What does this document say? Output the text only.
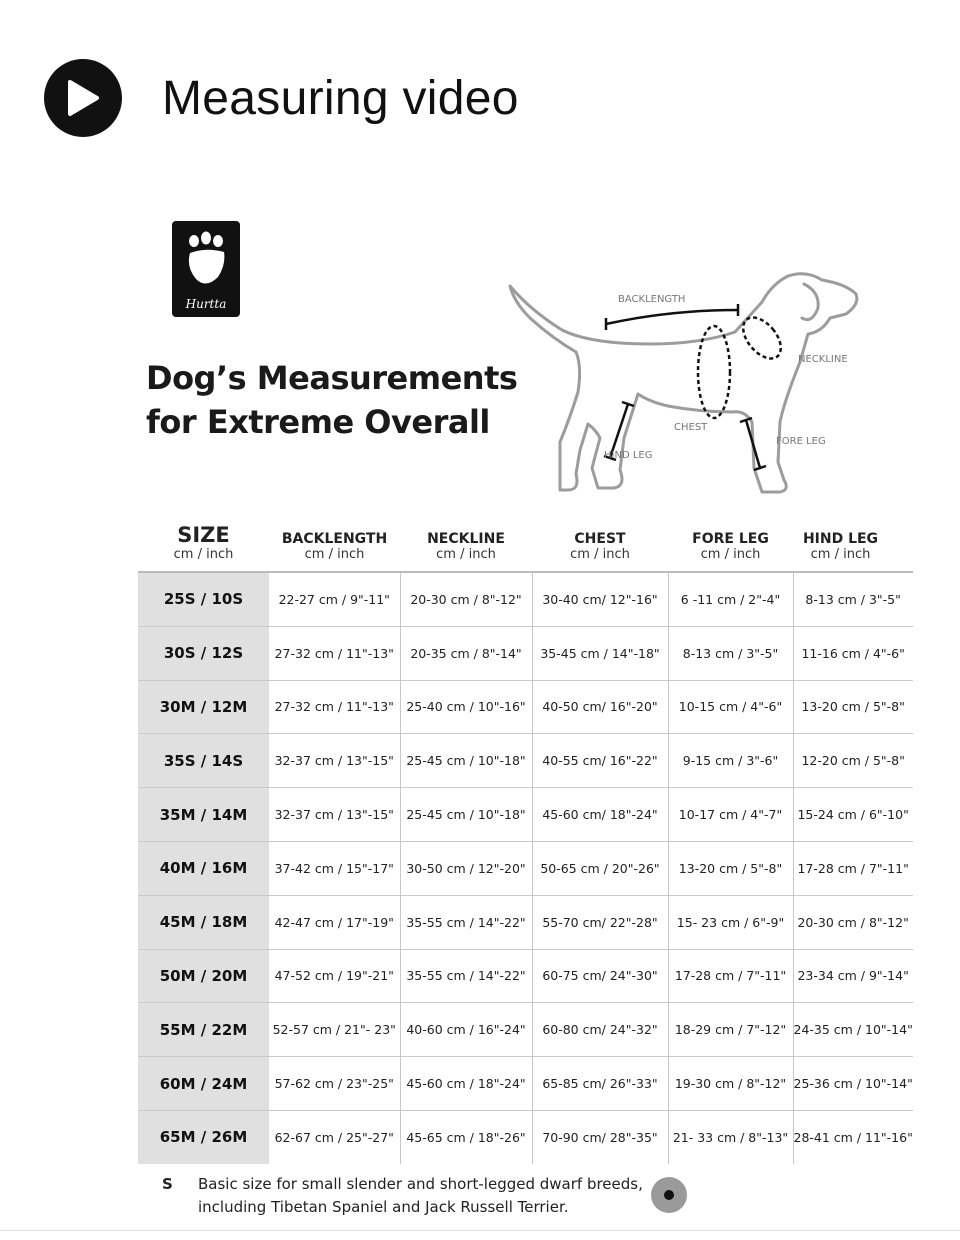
Measuring video
Hurtta
Dog’s Measurements
for Extreme Overall
BACKLENGTH
NECKLINE
CHEST
FORE LEG
HIND LEG
SIZE
cm / inch
BACKLENGTH
cm / inch
NECKLINE
cm / inch
CHEST
cm / inch
FORE LEG
cm / inch
HIND LEG
cm / inch
25S / 10S	22-27 cm / 9"-11"	20-30 cm / 8"-12"	30-40 cm/ 12"-16"	6 -11 cm / 2"-4"	8-13 cm / 3"-5"
30S / 12S	27-32 cm / 11"-13"	20-35 cm / 8"-14"	35-45 cm / 14"-18"	8-13 cm / 3"-5"	11-16 cm / 4"-6"
30M / 12M	27-32 cm / 11"-13"	25-40 cm / 10"-16"	40-50 cm/ 16"-20"	10-15 cm / 4"-6"	13-20 cm / 5"-8"
35S / 14S	32-37 cm / 13"-15"	25-45 cm / 10"-18"	40-55 cm/ 16"-22"	9-15 cm / 3"-6"	12-20 cm / 5"-8"
35M / 14M	32-37 cm / 13"-15"	25-45 cm / 10"-18"	45-60 cm/ 18"-24"	10-17 cm / 4"-7"	15-24 cm / 6"-10"
40M / 16M	37-42 cm / 15"-17"	30-50 cm / 12"-20"	50-65 cm / 20"-26"	13-20 cm / 5"-8"	17-28 cm / 7"-11"
45M / 18M	42-47 cm / 17"-19"	35-55 cm / 14"-22"	55-70 cm/ 22"-28"	15- 23 cm / 6"-9"	20-30 cm / 8"-12"
50M / 20M	47-52 cm / 19"-21"	35-55 cm / 14"-22"	60-75 cm/ 24"-30"	17-28 cm / 7"-11"	23-34 cm / 9"-14"
55M / 22M	52-57 cm / 21"- 23"	40-60 cm / 16"-24"	60-80 cm/ 24"-32"	18-29 cm / 7"-12"	24-35 cm / 10"-14"
60M / 24M	57-62 cm / 23"-25"	45-60 cm / 18"-24"	65-85 cm/ 26"-33"	19-30 cm / 8"-12"	25-36 cm / 10"-14"
65M / 26M	62-67 cm / 25"-27"	45-65 cm / 18"-26"	70-90 cm/ 28"-35"	21- 33 cm / 8"-13"	28-41 cm / 11"-16"
S Basic size for small slender and short-legged dwarf breeds, including Tibetan Spaniel and Jack Russell Terrier.
